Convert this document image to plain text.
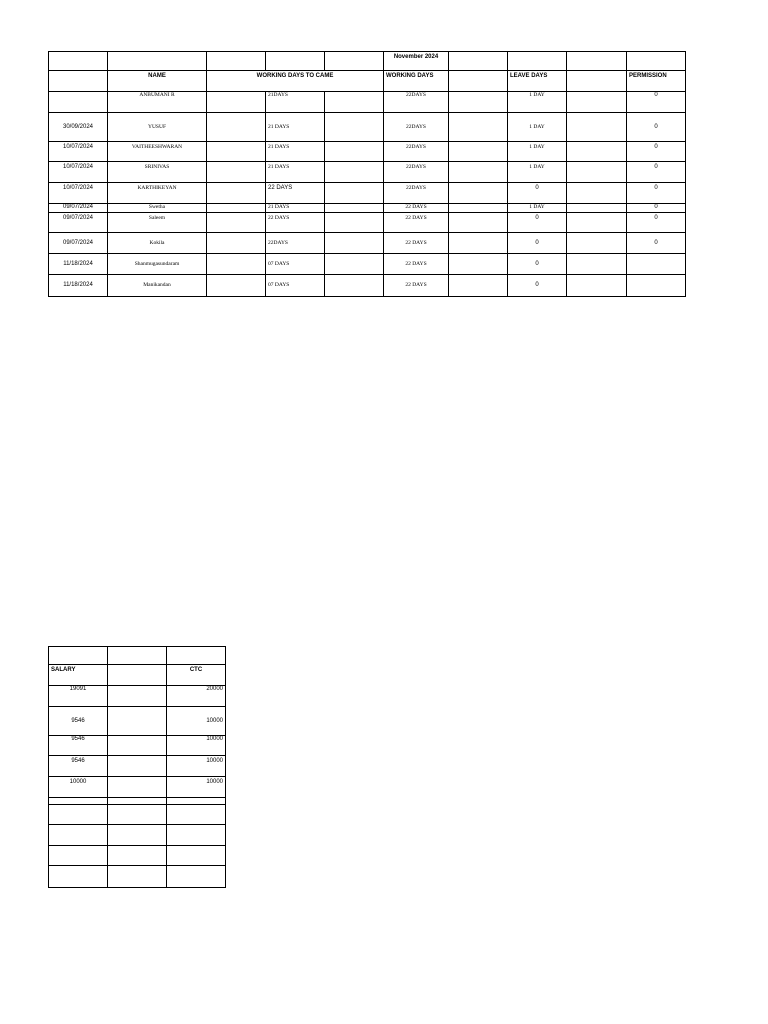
					November 2024				
	NAME	WORKING DAYS TO CAME			WORKING DAYS		LEAVE DAYS		PERMISSION
	ANBUMANI R		21DAYS		22DAYS		1 DAY		0
30/09/2024	YUSUF		21 DAYS		22DAYS		1 DAY		0
10/07/2024	VAITHEESHWARAN		21 DAYS		22DAYS		1 DAY		0
10/07/2024	SRINIVAS		21 DAYS		22DAYS		1 DAY		0
10/07/2024	KARTHIKEYAN		22 DAYS		22DAYS		0		0
09/07/2024	Swetha		21 DAYS		22 DAYS		1 DAY		0
09/07/2024	Saleem		22 DAYS		22 DAYS		0		0
09/07/2024	Kokila		22DAYS		22 DAYS		0		0
11/18/2024	Shanmugasundaram		07 DAYS		22 DAYS		0		
11/18/2024	Manikandan		07 DAYS		22 DAYS		0		

SALARY		CTC
19091		20000
9546		10000
9546		10000
9546		10000
10000		10000
